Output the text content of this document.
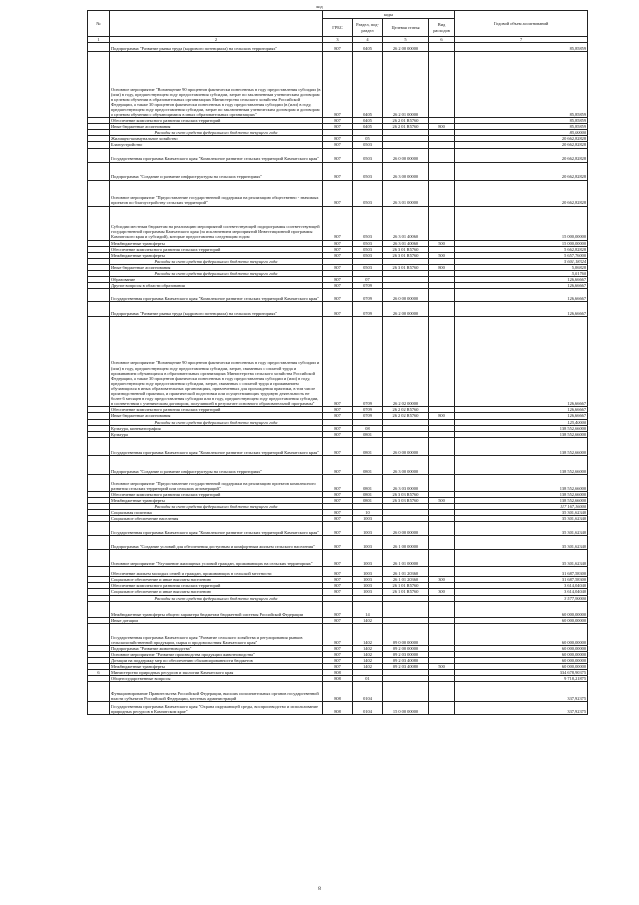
код
№		коды				Годовой объем ассигнований
		ГРБС	Раздел, под-раздел	Целевая статья	Вид расходов	
1	2	3	4	5	6	7
	Подпрограмма "Развитие рынка труда (кадрового потенциала) на сельских территориях"	807	0405	26 2 00 00000		85,85859
	Основное мероприятие "Возмещение 90 процентов фактически понесенных в году предоставления субсидии (в (или) в году, предшествующем году предоставления субсидии, затрат по заключенным ученическим договорам в целевом обучении в образовательных организациях Министерства сельского хозяйства Российской Федерации, а также 30 процентов фактически понесенных в году предоставления субсидии (в (или) в году, предшествующем году предоставления субсидии, затрат по заключенным ученическим договорам и договорам о целевом обучении с обучающимися в иных образовательных организациях"	807	0405	26 2 01 00000		85,85859
	Обеспечение комплексного развития сельских территорий	807	0405	26 2 01 R5760		85,85859
	Иные бюджетные ассигнования	807	0405	26 2 01 R5760	800	85,85859
	Расходы за счет средств федерального бюджета текущего года					85,00000
	Жилищно-коммунальное хозяйство	807	05			20 662,82828
	Благоустройство	807	0503			20 662,82828
	Государственная программа Камчатского края "Комплексное развитие сельских территорий Камчатского края"	807	0503	26 0 00 00000		20 662,82828
	Подпрограмма "Создание и развитие инфраструктуры на сельских территориях"	807	0503	26 3 00 00000		20 662,82828
	Основное мероприятие "Предоставление государственной поддержки на реализацию общественно - значимых проектов по благоустройству сельских территорий"	807	0503	26 3 01 00000		20 662,82828
	Субсидии местным бюджетам на реализацию мероприятий соответствующей подпрограммы соответствующей государственной программы Камчатского края (за исключением мероприятий Инвестиционной программы Камчатского края и субсидий), которые предоставлены следующим годом	807	0503	26 3 01 40060		15 000,00000
	Межбюджетные трансферты	807	0503	26 3 01 40060	500	15 000,00000
	Обеспечение комплексного развития сельских территорий	807	0503	26 3 01 R5760		5 662,82828
	Межбюджетные трансферты	807	0503	26 3 01 R5760	500	5 657,76000
	Расходы за счет средств федерального бюджета текущего года					5 601,18324
	Иные бюджетные ассигнования	807	0503	26 3 01 R5760	800	5,06828
	Расходы за счет средств федерального бюджета текущего года					5,01760
	Образование	807	07			126,66667
	Другие вопросы в области образования	807	0709			126,66667
	Государственная программа Камчатского края "Комплексное развитие сельских территорий Камчатского края"	807	0709	26 0 00 00000		126,66667
	Подпрограмма "Развитие рынка труда (кадрового потенциала) на сельских территориях"	807	0709	26 2 00 00000		126,66667
	Основное мероприятие "Возмещение 90 процентов фактически понесенных в году предоставления субсидии и (или) в году, предшествующем году предоставления субсидии, затрат, связанных с оплатой труда и проживанием обучающихся в образовательных организациях Министерства сельского хозяйства Российской Федерации, а также 30 процентов фактически понесенных в году предоставления субсидии и (или) в году, предшествующем году предоставления субсидии, затрат, связанных с оплатой труда и проживанием обучающихся в иных образовательных организациях, привлеченных для прохождения практики, в том числе производственной практики, и практической подготовки или осуществляющих трудовую деятельность не более 6 месяцев в году предоставления субсидии или в году, предшествующем году предоставления субсидии, в соответствии с ученическим договором, получившей в результате основного образовательной программы"	807	0709	26 2 02 00000		126,66667
	Обеспечение комплексного развития сельских территорий	807	0709	26 2 02 R5760		126,66667
	Иные бюджетные ассигнования	807	0709	26 2 02 R5760	800	126,66667
	Расходы за счет средств федерального бюджета текущего года					125,40000
	Культура, кинематография	807	08			138 552,66000
	Культура	807	0801			138 552,66000
	Государственная программа Камчатского края "Комплексное развитие сельских территорий Камчатского края"	807	0801	26 0 00 00000		138 552,66000
	Подпрограмма "Создание и развитие инфраструктуры на сельских территориях"	807	0801	26 3 00 00000		138 552,66000
	Основное мероприятие "Предоставление государственной поддержки на реализацию проектов комплексного развития сельских территорий или сельских агломераций"	807	0801	26 3 03 00000		138 552,66000
	Обеспечение комплексного развития сельских территорий	807	0801	26 3 03 R5760		138 552,66000
	Межбюджетные трансферты	807	0801	26 3 03 R5760	500	138 552,66000
	Расходы за счет средств федерального бюджета текущего года					117 167,16000
	Социальная политика	807	10			35 301,62340
	Социальное обеспечение населения	807	1003			35 301,62340
	Государственная программа Камчатского края "Комплексное развитие сельских территорий Камчатского края"	807	1003	26 0 00 00000		35 301,62340
	Подпрограмма "Создание условий для обеспечения доступным и комфортным жильем сельского населения"	807	1003	26 1 00 00000		35 301,62340
	Основное мероприятие "Улучшение жилищных условий граждан, проживающих на сельских территориях"	807	1003	26 1 01 00000		35 301,62340
	Обеспечение жильем молодых семей и граждан, проживающих в сельской местности	807	1003	26 1 01 20360		31 687,58300
	Социальное обеспечение и иные выплаты населению	807	1003	26 1 01 20360	300	31 687,58300
	Обеспечение комплексного развития сельских территорий	807	1003	26 1 01 R5760		3 614,04040
	Социальное обеспечение и иные выплаты населению	807	1003	26 1 01 R5760	300	3 614,04040
	Расходы за счет средств федерального бюджета текущего года					3 577,90000
	Межбюджетные трансферты общего характера бюджетам бюджетной системы Российской Федерации	807	14			60 000,00000
	Иные дотации	807	1402			60 000,00000
	Государственная программа Камчатского края "Развитие сельского хозяйства и регулирования рынков сельскохозяйственной продукции, сырья и продовольствия Камчатского края"	807	1402	09 0 00 00000		60 000,00000
	Подпрограмма "Развитие животноводства"	807	1402	09 2 00 00000		60 000,00000
	Основное мероприятие "Развитие производства продукции животноводства"	807	1402	09 2 03 00000		60 000,00000
	Дотации на поддержку мер по обеспечению сбалансированности бюджетов	807	1402	09 2 03 40080		60 000,00000
	Межбюджетные трансферты	807	1402	09 2 03 40080	500	60 000,00000
6	Министерство природных ресурсов и экологии Камчатского края	808				334 678,90375
	Общегосударственные вопросы	808	01			9 718,21875
	Функционирование Правительства Российской Федерации, высших исполнительных органов государственной власти субъектов Российской Федерации, местных администраций	808	0104			337,92375
	Государственная программа Камчатского края "Охрана окружающей среды, воспроизводство и использование природных ресурсов в Камчатском крае"	808	0104	15 0 00 00000		337,92375
8
